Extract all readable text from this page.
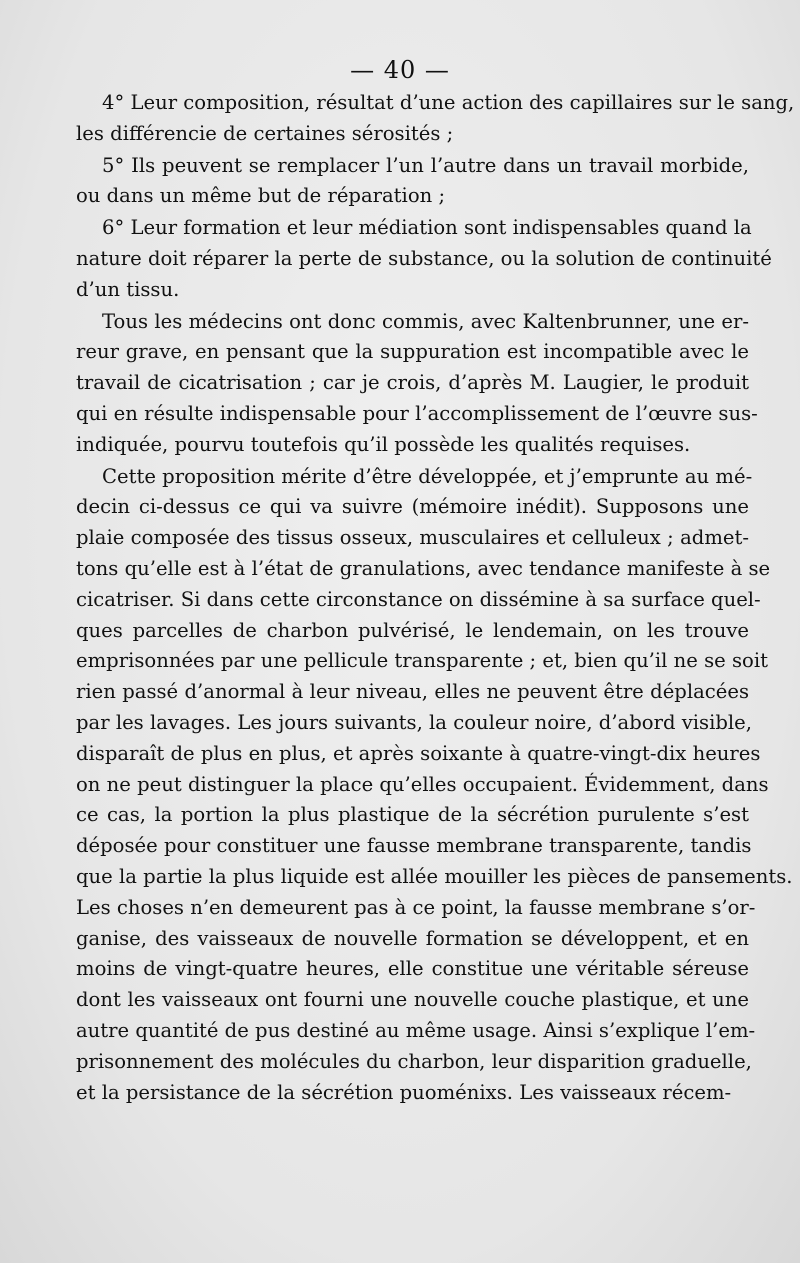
— 40 —
4° Leur composition, résultat d’une action des capillaires sur le sang,
les différencie de certaines sérosités ;
5° Ils peuvent se remplacer l’un l’autre dans un travail morbide,
ou dans un même but de réparation ;
6° Leur formation et leur médiation sont indispensables quand la
nature doit réparer la perte de substance, ou la solution de continuité
d’un tissu.
Tous les médecins ont donc commis, avec Kaltenbrunner, une er-
reur grave, en pensant que la suppuration est incompatible avec le
travail de cicatrisation ; car je crois, d’après M. Laugier, le produit
qui en résulte indispensable pour l’accomplissement de l’œuvre sus-
indiquée, pourvu toutefois qu’il possède les qualités requises.
Cette proposition mérite d’être développée, et j’emprunte au mé-
decin ci-dessus ce qui va suivre (mémoire inédit). Supposons une
plaie composée des tissus osseux, musculaires et celluleux ; admet-
tons qu’elle est à l’état de granulations, avec tendance manifeste à se
cicatriser. Si dans cette circonstance on dissémine à sa surface quel-
ques parcelles de charbon pulvérisé, le lendemain, on les trouve
emprisonnées par une pellicule transparente ; et, bien qu’il ne se soit
rien passé d’anormal à leur niveau, elles ne peuvent être déplacées
par les lavages. Les jours suivants, la couleur noire, d’abord visible,
disparaît de plus en plus, et après soixante à quatre-vingt-dix heures
on ne peut distinguer la place qu’elles occupaient. Évidemment, dans
ce cas, la portion la plus plastique de la sécrétion purulente s’est
déposée pour constituer une fausse membrane transparente, tandis
que la partie la plus liquide est allée mouiller les pièces de pansements.
Les choses n’en demeurent pas à ce point, la fausse membrane s’or-
ganise, des vaisseaux de nouvelle formation se développent, et en
moins de vingt-quatre heures, elle constitue une véritable séreuse
dont les vaisseaux ont fourni une nouvelle couche plastique, et une
autre quantité de pus destiné au même usage. Ainsi s’explique l’em-
prisonnement des molécules du charbon, leur disparition graduelle,
et la persistance de la sécrétion puoménixs. Les vaisseaux récem-
